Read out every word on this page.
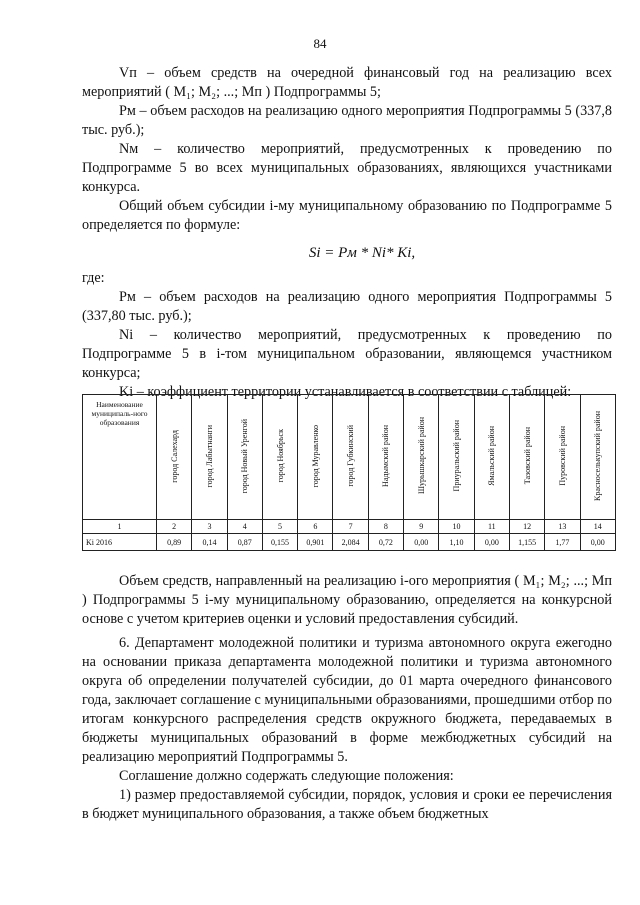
84

Vп – объем средств на очередной финансовый год на реализацию всех мероприятий ( M₁; M₂; ...; Mп ) Подпрограммы 5;

Pм – объем расходов на реализацию одного мероприятия Подпрограммы 5 (337,8 тыс. руб.);

Nм – количество мероприятий, предусмотренных к проведению по Подпрограмме 5 во всех муниципальных образованиях, являющихся участниками конкурса.

Общий объем субсидии i-му муниципальному образованию по Подпрограмме 5 определяется по формуле:

Si = Pм * Ni* Ki,

где:

Pм – объем расходов на реализацию одного мероприятия Подпрограммы 5 (337,80 тыс. руб.);

Ni – количество мероприятий, предусмотренных к проведению по Подпрограмме 5 в i-том муниципальном образовании, являющемся участником конкурса;

Ki – коэффициент территории устанавливается в соответствии с таблицей:

Наименование муниципаль-ного образования	город Салехард	город Лабытнанги	город Новый Уренгой	город Ноябрьск	город Муравленко	город Губкинский	Надымский район	Шурышкарский район	Приуральский район	Ямальский район	Тазовский район	Пуровский район	Красноселькупский район
1	2	3	4	5	6	7	8	9	10	11	12	13	14
Ki 2016	0,89	0,14	0,87	0,155	0,901	2,084	0,72	0,00	1,10	0,00	1,155	1,77	0,00

Объем средств, направленный на реализацию i-ого мероприятия ( M₁; M₂; ...; Mп ) Подпрограммы 5 i-му муниципальному образованию, определяется на конкурсной основе с учетом критериев оценки и условий предоставления субсидий.

6. Департамент молодежной политики и туризма автономного округа ежегодно на основании приказа департамента молодежной политики и туризма автономного округа об определении получателей субсидии, до 01 марта очередного финансового года, заключает соглашение с муниципальными образованиями, прошедшими отбор по итогам конкурсного распределения средств окружного бюджета, передаваемых в бюджеты муниципальных образований в форме межбюджетных субсидий на реализацию мероприятий Подпрограммы 5.

Соглашение должно содержать следующие положения:

1) размер предоставляемой субсидии, порядок, условия и сроки ее перечисления в бюджет муниципального образования, а также объем бюджетных
